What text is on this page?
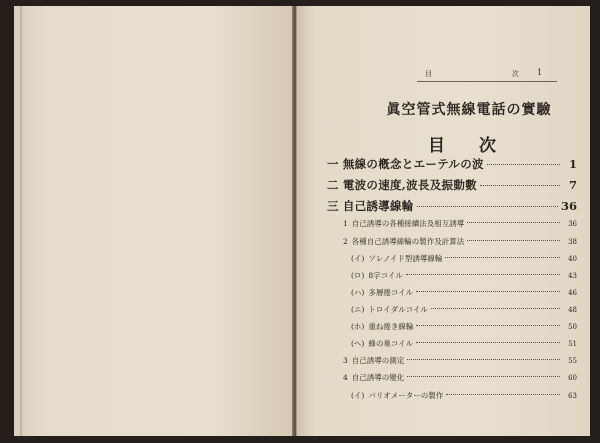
目	次 1
眞空管式無線電話の實驗
目 次
一 無線の槪念とエーテルの波	1
二 電波の速度,波長及振動數	7
三 自己誘導線輪	36
1 自己誘導の各種接續法及相互誘導	36
2 各種自己誘導線輪の製作及計算法	38
(イ) ソレノイド型誘導線輪	40
(ロ) 8字コイル	43
(ハ) 多層捲コイル	46
(ニ) トロイダルコイル	48
(ホ) 重ね捲き線輪	50
(ヘ) 蜂の巢コイル	51
3 自己誘導の測定	55
4 自己誘導の變化	60
(イ) バリオメーターの製作	63
